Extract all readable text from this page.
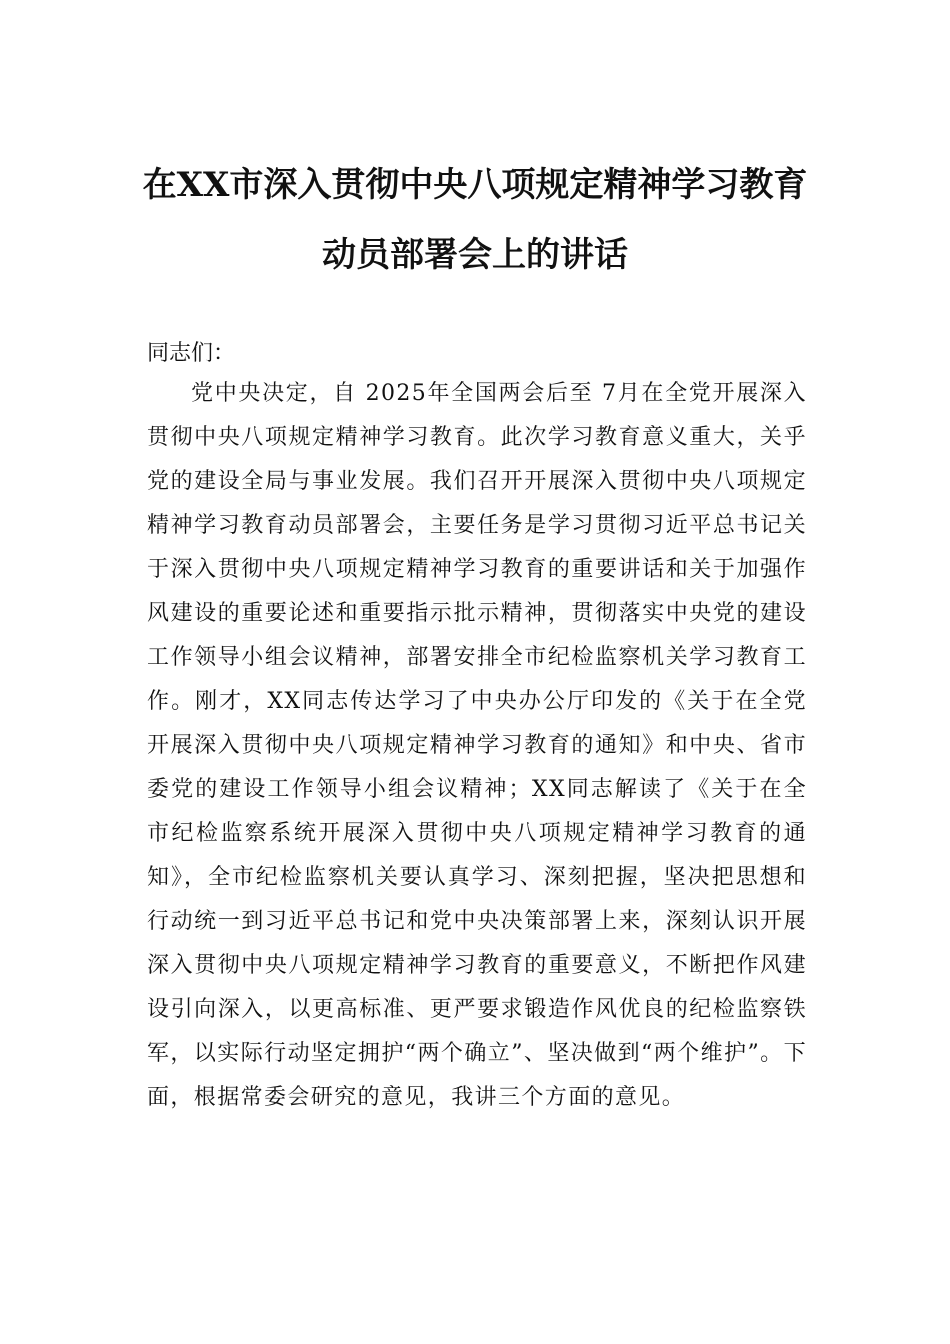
在XX市深入贯彻中央八项规定精神学习教育动员部署会上的讲话

同志们：

党中央决定，自 2025年全国两会后至 7月在全党开展深入贯彻中央八项规定精神学习教育。此次学习教育意义重大，关乎党的建设全局与事业发展。我们召开开展深入贯彻中央八项规定精神学习教育动员部署会，主要任务是学习贯彻习近平总书记关于深入贯彻中央八项规定精神学习教育的重要讲话和关于加强作风建设的重要论述和重要指示批示精神，贯彻落实中央党的建设工作领导小组会议精神，部署安排全市纪检监察机关学习教育工作。刚才，XX同志传达学习了中央办公厅印发的《关于在全党开展深入贯彻中央八项规定精神学习教育的通知》和中央、省市委党的建设工作领导小组会议精神；XX同志解读了《关于在全市纪检监察系统开展深入贯彻中央八项规定精神学习教育的通知》，全市纪检监察机关要认真学习、深刻把握，坚决把思想和行动统一到习近平总书记和党中央决策部署上来，深刻认识开展深入贯彻中央八项规定精神学习教育的重要意义，不断把作风建设引向深入，以更高标准、更严要求锻造作风优良的纪检监察铁军，以实际行动坚定拥护“两个确立”、坚决做到“两个维护”。下面，根据常委会研究的意见，我讲三个方面的意见。
